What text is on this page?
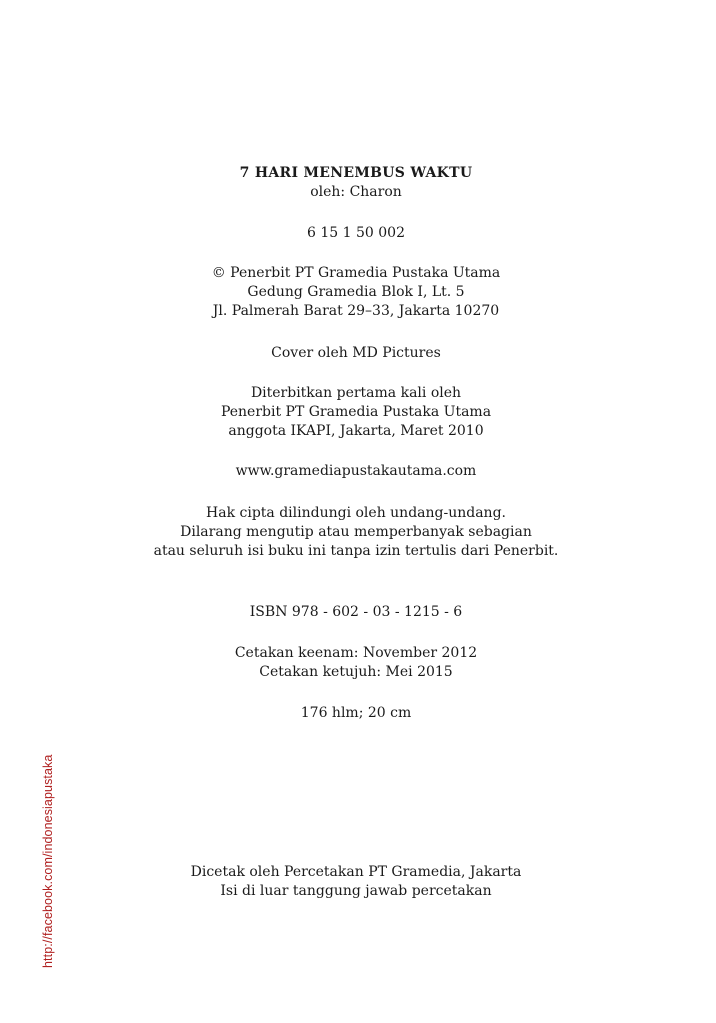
7 HARI MENEMBUS WAKTU
oleh: Charon
6 15 1 50 002
© Penerbit PT Gramedia Pustaka Utama
Gedung Gramedia Blok I, Lt. 5
Jl. Palmerah Barat 29–33, Jakarta 10270
Cover oleh MD Pictures
Diterbitkan pertama kali oleh
Penerbit PT Gramedia Pustaka Utama
anggota IKAPI, Jakarta, Maret 2010
www.gramediapustakautama.com
Hak cipta dilindungi oleh undang-undang.
Dilarang mengutip atau memperbanyak sebagian
atau seluruh isi buku ini tanpa izin tertulis dari Penerbit.
ISBN 978 - 602 - 03 - 1215 - 6
Cetakan keenam: November 2012
Cetakan ketujuh: Mei 2015
176 hlm; 20 cm
Dicetak oleh Percetakan PT Gramedia, Jakarta
Isi di luar tanggung jawab percetakan
http://facebook.com/indonesiapustaka
